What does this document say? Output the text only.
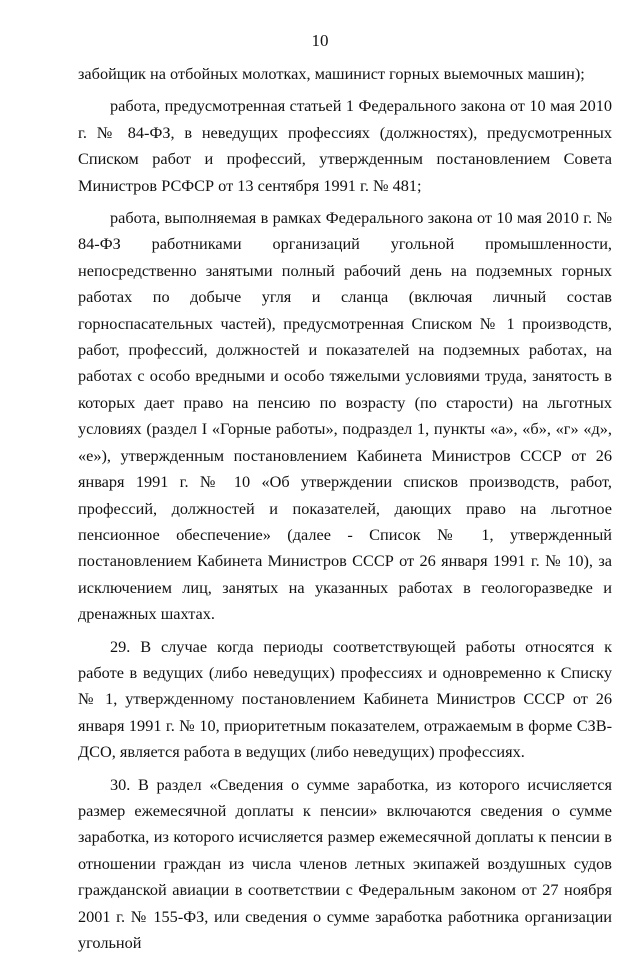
10

забойщик на отбойных молотках, машинист горных выемочных машин);

работа, предусмотренная статьей 1 Федерального закона от 10 мая 2010 г. № 84-ФЗ, в неведущих профессиях (должностях), предусмотренных Списком работ и профессий, утвержденным постановлением Совета Министров РСФСР от 13 сентября 1991 г. № 481;

работа, выполняемая в рамках Федерального закона от 10 мая 2010 г. № 84-ФЗ работниками организаций угольной промышленности, непосредственно занятыми полный рабочий день на подземных горных работах по добыче угля и сланца (включая личный состав горноспасательных частей), предусмотренная Списком № 1 производств, работ, профессий, должностей и показателей на подземных работах, на работах с особо вредными и особо тяжелыми условиями труда, занятость в которых дает право на пенсию по возрасту (по старости) на льготных условиях (раздел I «Горные работы», подраздел 1, пункты «а», «б», «г» «д», «е»), утвержденным постановлением Кабинета Министров СССР от 26 января 1991 г. № 10 «Об утверждении списков производств, работ, профессий, должностей и показателей, дающих право на льготное пенсионное обеспечение» (далее - Список № 1, утвержденный постановлением Кабинета Министров СССР от 26 января 1991 г. № 10), за исключением лиц, занятых на указанных работах в геологоразведке и дренажных шахтах.

29. В случае когда периоды соответствующей работы относятся к работе в ведущих (либо неведущих) профессиях и одновременно к Списку № 1, утвержденному постановлением Кабинета Министров СССР от 26 января 1991 г. № 10, приоритетным показателем, отражаемым в форме СЗВ-ДСО, является работа в ведущих (либо неведущих) профессиях.

30. В раздел «Сведения о сумме заработка, из которого исчисляется размер ежемесячной доплаты к пенсии» включаются сведения о сумме заработка, из которого исчисляется размер ежемесячной доплаты к пенсии в отношении граждан из числа членов летных экипажей воздушных судов гражданской авиации в соответствии с Федеральным законом от 27 ноября 2001 г. № 155-ФЗ, или сведения о сумме заработка работника организации угольной
